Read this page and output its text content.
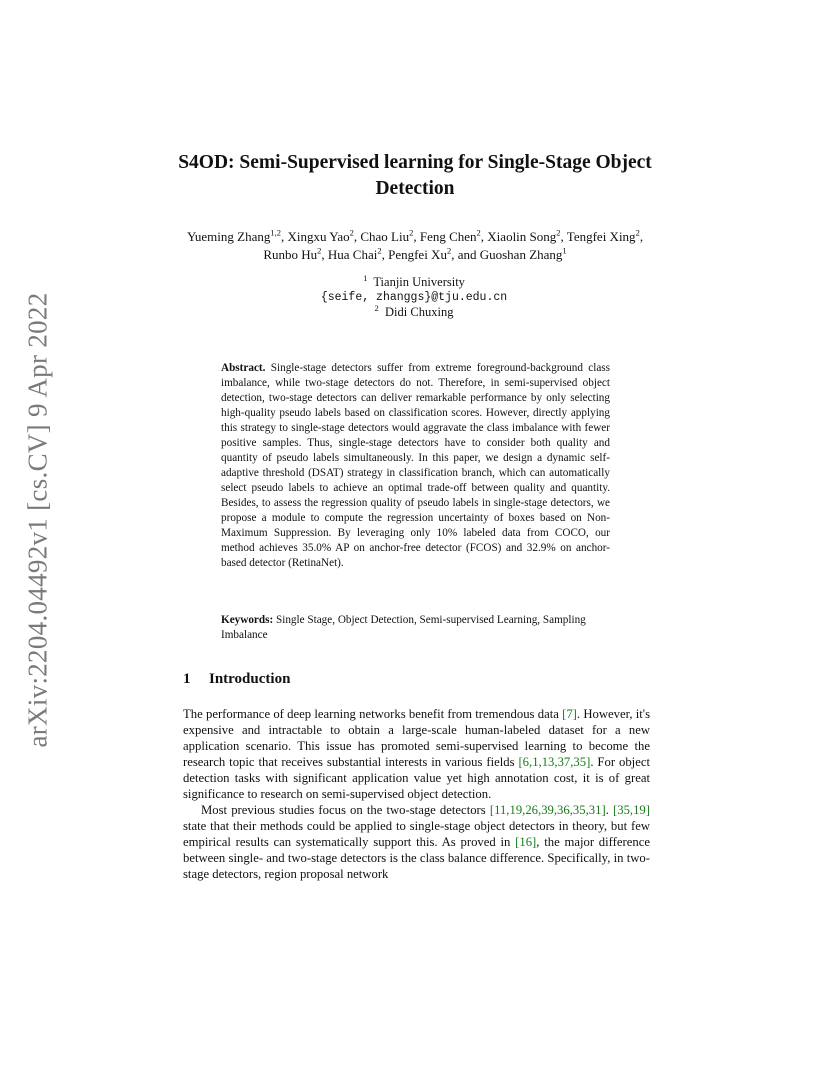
arXiv:2204.04492v1 [cs.CV] 9 Apr 2022
S4OD: Semi-Supervised learning for Single-Stage Object Detection
Yueming Zhang$^{1,2}$, Xingxu Yao$^2$, Chao Liu$^2$, Feng Chen$^2$, Xiaolin Song$^2$, Tengfei Xing$^2$, Runbo Hu$^2$, Hua Chai$^2$, Pengfei Xu$^2$, and Guoshan Zhang$^1$
$^1$ Tianjin University
{seife, zhanggs}@tju.edu.cn
$^2$ Didi Chuxing
Abstract. Single-stage detectors suffer from extreme foreground-background class imbalance, while two-stage detectors do not. Therefore, in semi-supervised object detection, two-stage detectors can deliver remarkable performance by only selecting high-quality pseudo labels based on classification scores. However, directly applying this strategy to single-stage detectors would aggravate the class imbalance with fewer positive samples. Thus, single-stage detectors have to consider both quality and quantity of pseudo labels simultaneously. In this paper, we design a dynamic self-adaptive threshold (DSAT) strategy in classification branch, which can automatically select pseudo labels to achieve an optimal trade-off between quality and quantity. Besides, to assess the regression quality of pseudo labels in single-stage detectors, we propose a module to compute the regression uncertainty of boxes based on Non-Maximum Suppression. By leveraging only 10% labeled data from COCO, our method achieves 35.0% AP on anchor-free detector (FCOS) and 32.9% on anchor-based detector (RetinaNet).
Keywords: Single Stage, Object Detection, Semi-supervised Learning, Sampling Imbalance
1 Introduction

The performance of deep learning networks benefit from tremendous data [7]. However, it's expensive and intractable to obtain a large-scale human-labeled dataset for a new application scenario. This issue has promoted semi-supervised learning to become the research topic that receives substantial interests in various fields [6,1,13,37,35]. For object detection tasks with significant application value yet high annotation cost, it is of great significance to research on semi-supervised object detection.

Most previous studies focus on the two-stage detectors [11,19,26,39,36,35,31]. [35,19] state that their methods could be applied to single-stage object detectors in theory, but few empirical results can systematically support this. As proved in [16], the major difference between single- and two-stage detectors is the class balance difference. Specifically, in two-stage detectors, region proposal network
